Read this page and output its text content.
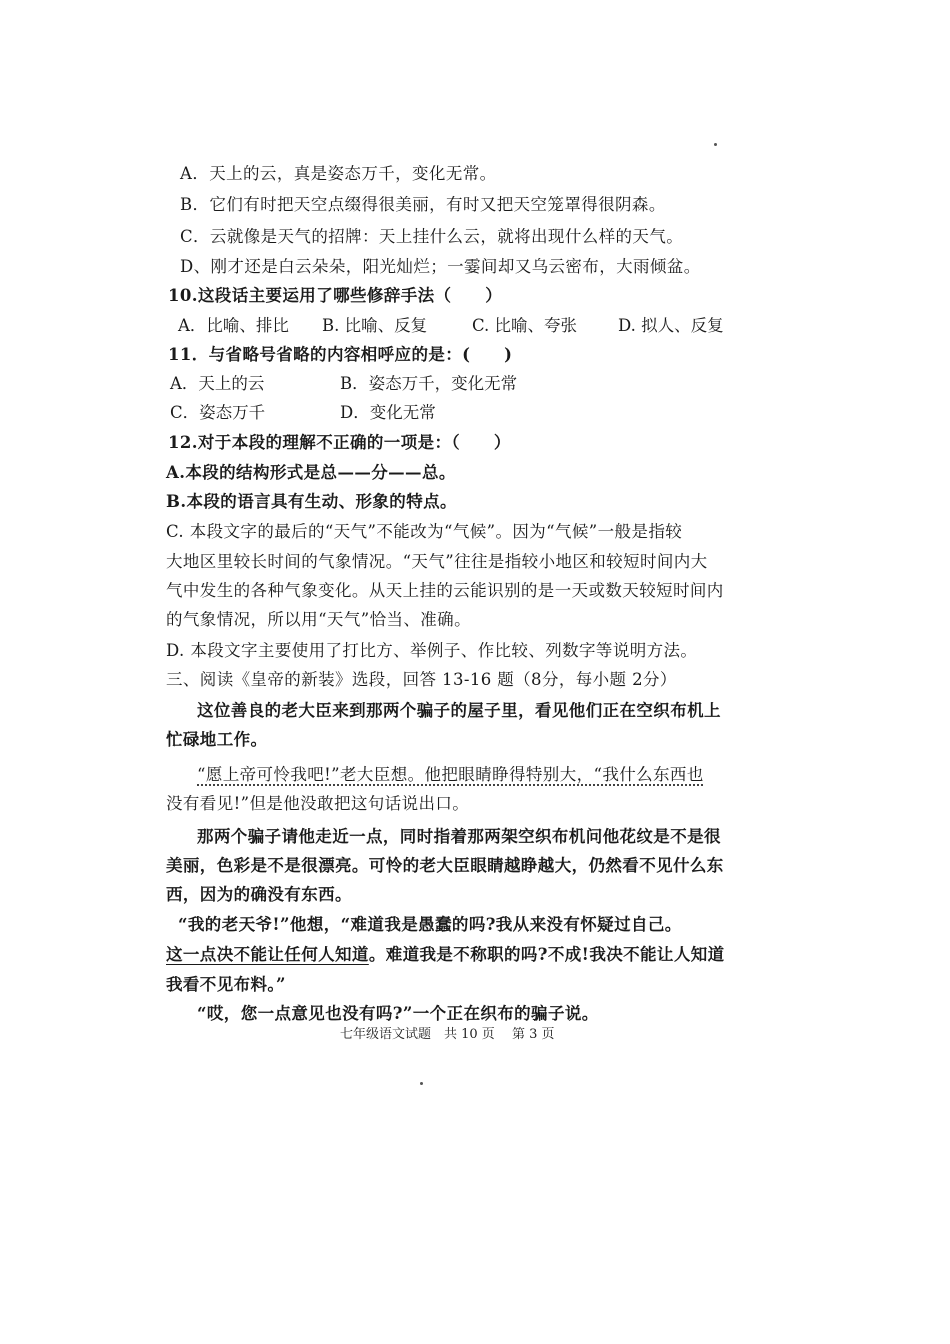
A．天上的云，真是姿态万千，变化无常。
B．它们有时把天空点缀得很美丽，有时又把天空笼罩得很阴森。
C．云就像是天气的招牌：天上挂什么云，就将出现什么样的天气。
D、刚才还是白云朵朵，阳光灿烂；一霎间却又乌云密布，大雨倾盆。
10.这段话主要运用了哪些修辞手法（　　）
A．比喻、排比 B. 比喻、反复	C. 比喻、夸张 D. 拟人、反复
11．与省略号省略的内容相呼应的是：(　　)
A．天上的云	B．姿态万千，变化无常
C．姿态万千	D．变化无常
12.对于本段的理解不正确的一项是：（　　）
A.本段的结构形式是总——分——总。
B.本段的语言具有生动、形象的特点。
C. 本段文字的最后的“天气”不能改为“气候”。因为“气候”一般是指较
大地区里较长时间的气象情况。“天气”往往是指较小地区和较短时间内大
气中发生的各种气象变化。从天上挂的云能识别的是一天或数天较短时间内
的气象情况，所以用“天气”恰当、准确。
D. 本段文字主要使用了打比方、举例子、作比较、列数字等说明方法。
三、阅读《皇帝的新装》选段，回答 13-16 题（8分，每小题 2分）
这位善良的老大臣来到那两个骗子的屋子里，看见他们正在空织布机上
忙碌地工作。
“愿上帝可怜我吧!”老大臣想。他把眼睛睁得特别大，“我什么东西也
没有看见!”但是他没敢把这句话说出口。
那两个骗子请他走近一点，同时指着那两架空织布机问他花纹是不是很
美丽，色彩是不是很漂亮。可怜的老大臣眼睛越睁越大，仍然看不见什么东
西，因为的确没有东西。
“我的老天爷!”他想，“难道我是愚蠢的吗?我从来没有怀疑过自己。
这一点决不能让任何人知道。难道我是不称职的吗?不成!我决不能让人知道
我看不见布料。”
“哎，您一点意见也没有吗?”一个正在织布的骗子说。
七年级语文试题　共 10 页　 第 3 页
